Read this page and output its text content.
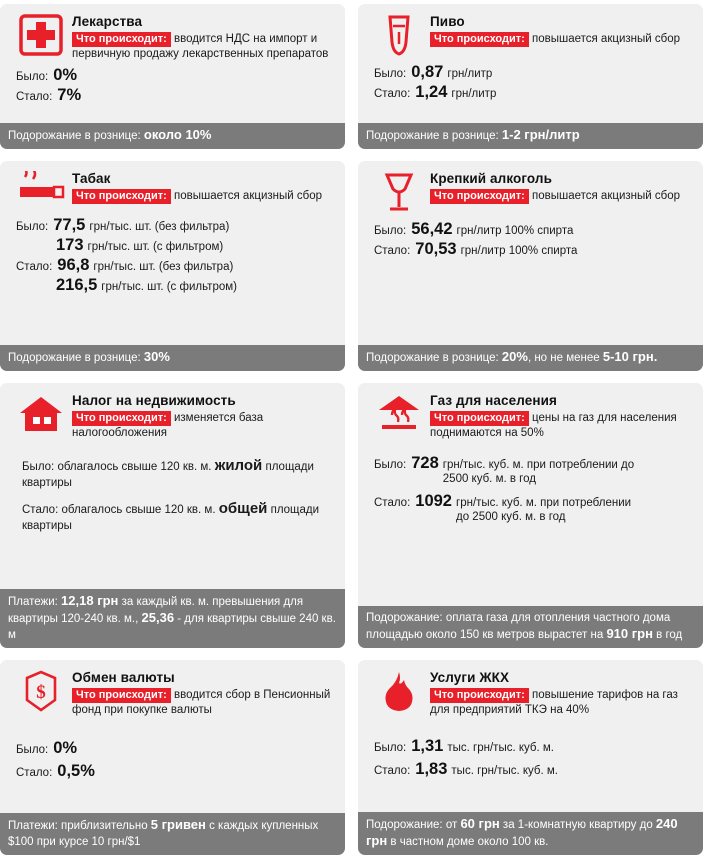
Лекарства
Что происходит: вводится НДС на импорт и первичную продажу лекарственных препаратов
Было: 0%
Стало: 7%
Подорожание в рознице: около 10%
Пиво
Что происходит: повышается акцизный сбор
Было: 0,87 грн/литр
Стало: 1,24 грн/литр
Подорожание в рознице: 1-2 грн/литр
Табак
Что происходит: повышается акцизный сбор
Было: 77,5 грн/тыс. шт. (без фильтра)
173 грн/тыс. шт. (с фильтром)
Стало: 96,8 грн/тыс. шт. (без фильтра)
216,5 грн/тыс. шт. (с фильтром)
Подорожание в рознице: 30%
Крепкий алкоголь
Что происходит: повышается акцизный сбор
Было: 56,42 грн/литр 100% спирта
Стало: 70,53 грн/литр 100% спирта
Подорожание в рознице: 20%, но не менее 5-10 грн.
Налог на недвижимость
Что происходит: изменяется база налогообложения
Было: облагалось свыше 120 кв. м. жилой площади квартиры
Стало: облагалось свыше 120 кв. м. общей площади квартиры
Платежи: 12,18 грн за каждый кв. м. превышения для квартиры 120-240 кв. м., 25,36 - для квартиры свыше 240 кв. м
Газ для населения
Что происходит: цены на газ для населения поднимаются на 50%
Было: 728 грн/тыс. куб. м. при потреблении до 2500 куб. м. в год
Стало: 1092 грн/тыс. куб. м. при потреблении до 2500 куб. м. в год
Подорожание: оплата газа для отопления частного дома площадью около 150 кв метров вырастет на 910 грн в год
$
Обмен валюты
Что происходит: вводится сбор в Пенсионный фонд при покупке валюты
Было: 0%
Стало: 0,5%
Платежи: приблизительно 5 гривен с каждых купленных $100 при курсе 10 грн/$1
Услуги ЖКХ
Что происходит: повышение тарифов на газ для предприятий ТКЭ на 40%
Было: 1,31 тыс. грн/тыс. куб. м.
Стало: 1,83 тыс. грн/тыс. куб. м.
Подорожание: от 60 грн за 1-комнатную квартиру до 240 грн в частном доме около 100 кв.
